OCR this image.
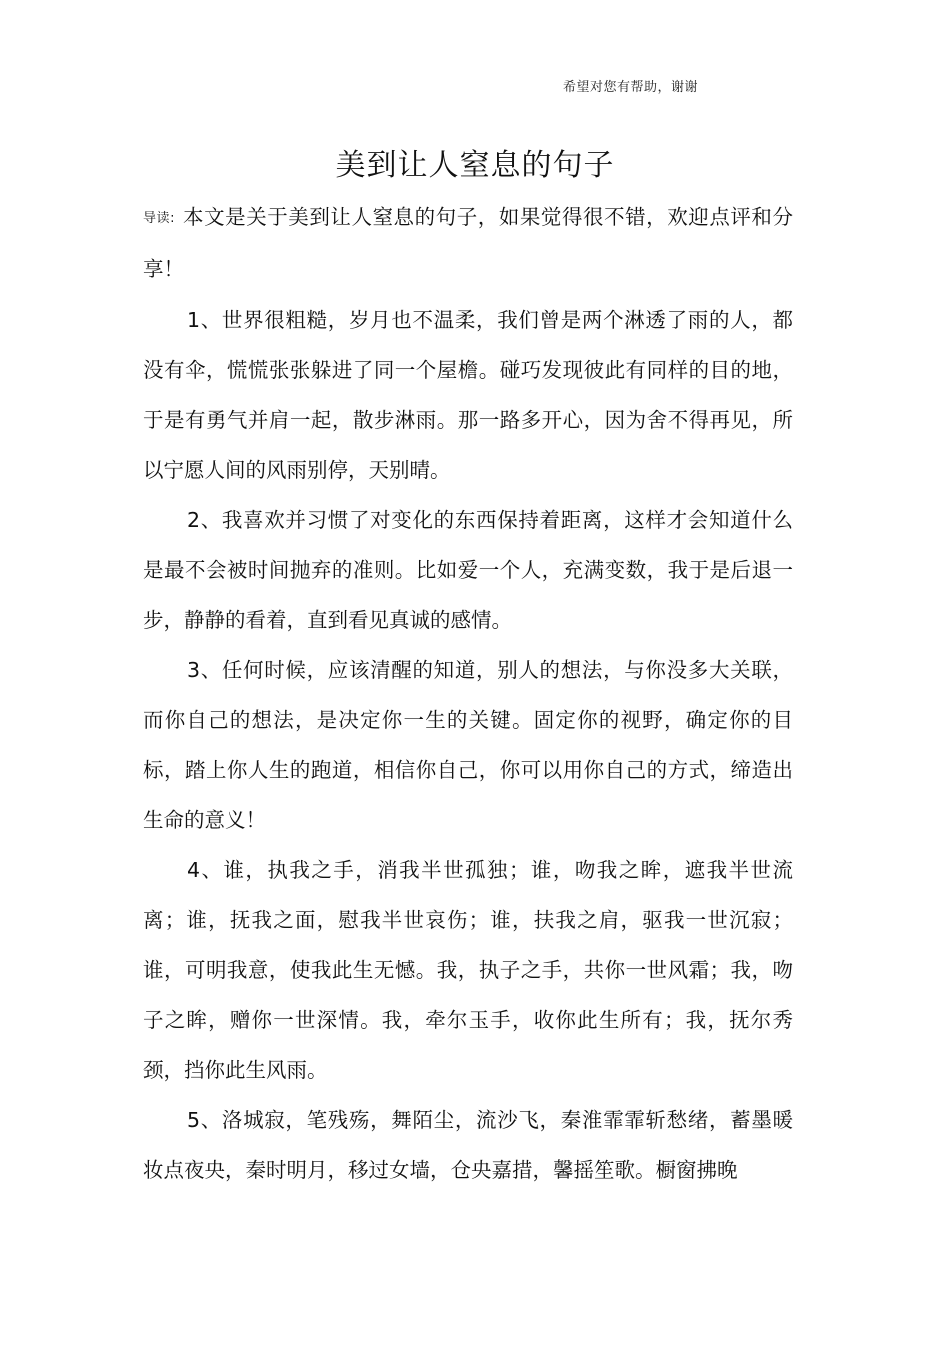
希望对您有帮助，谢谢
美到让人窒息的句子
导读: 本文是关于美到让人窒息的句子，如果觉得很不错，欢迎点评和分享！

1、世界很粗糙，岁月也不温柔，我们曾是两个淋透了雨的人，都没有伞，慌慌张张躲进了同一个屋檐。碰巧发现彼此有同样的目的地，于是有勇气并肩一起，散步淋雨。那一路多开心，因为舍不得再见，所以宁愿人间的风雨别停，天别晴。

2、我喜欢并习惯了对变化的东西保持着距离，这样才会知道什么是最不会被时间抛弃的准则。比如爱一个人，充满变数，我于是后退一步，静静的看着，直到看见真诚的感情。

3、任何时候，应该清醒的知道，别人的想法，与你没多大关联，而你自己的想法，是决定你一生的关键。固定你的视野，确定你的目标，踏上你人生的跑道，相信你自己，你可以用你自己的方式，缔造出生命的意义！

4、谁，执我之手，消我半世孤独；谁，吻我之眸，遮我半世流离；谁，抚我之面，慰我半世哀伤；谁，扶我之肩，驱我一世沉寂；谁，可明我意，使我此生无憾。我，执子之手，共你一世风霜；我，吻子之眸，赠你一世深情。我，牵尔玉手，收你此生所有；我，抚尔秀颈，挡你此生风雨。

5、洛城寂，笔残殇，舞陌尘，流沙飞，秦淮霏霏斩愁绪，蓄墨暖妆点夜央，秦时明月，移过女墙，仓央嘉措，馨摇笙歌。橱窗拂晚
